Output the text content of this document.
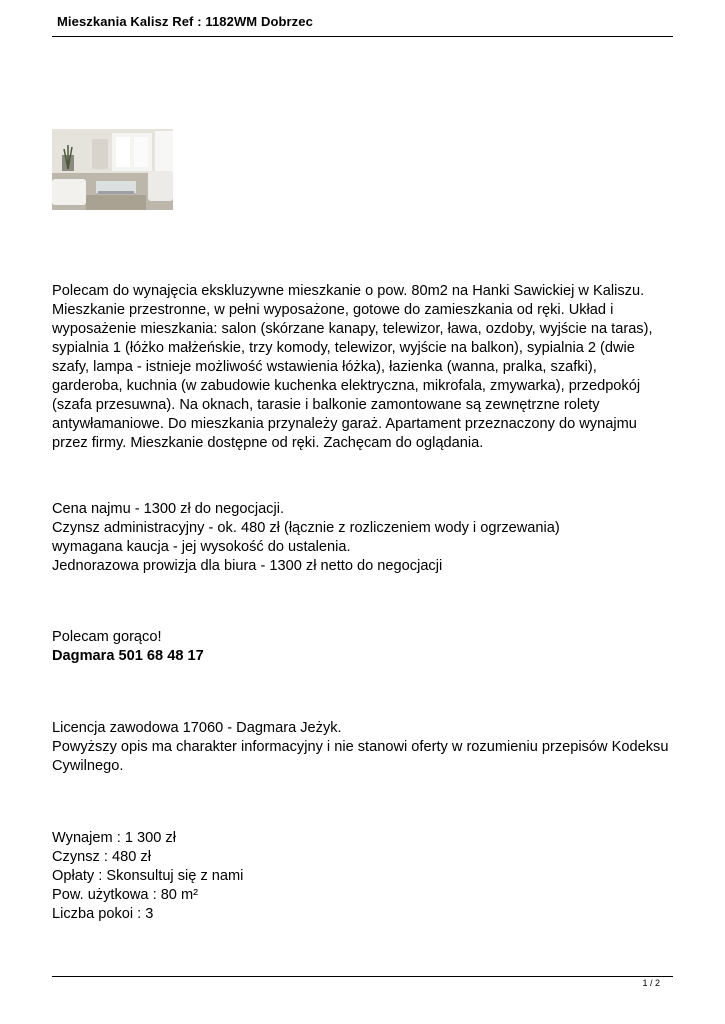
Mieszkania Kalisz Ref : 1182WM Dobrzec
Polecam do wynajęcia ekskluzywne mieszkanie o pow. 80m2 na Hanki Sawickiej w Kaliszu.
Mieszkanie przestronne, w pełni wyposażone, gotowe do zamieszkania od ręki. Układ i
wyposażenie mieszkania: salon (skórzane kanapy, telewizor, ława, ozdoby, wyjście na taras),
sypialnia 1 (łóżko małżeńskie, trzy komody, telewizor, wyjście na balkon), sypialnia 2 (dwie
szafy, lampa - istnieje możliwość wstawienia łóżka), łazienka (wanna, pralka, szafki),
garderoba, kuchnia (w zabudowie kuchenka elektryczna, mikrofala, zmywarka), przedpokój
(szafa przesuwna). Na oknach, tarasie i balkonie zamontowane są zewnętrzne rolety
antywłamaniowe. Do mieszkania przynależy garaż. Apartament przeznaczony do wynajmu
przez firmy. Mieszkanie dostępne od ręki. Zachęcam do oglądania.
Cena najmu - 1300 zł do negocjacji.
Czynsz administracyjny - ok. 480 zł (łącznie z rozliczeniem wody i ogrzewania)
wymagana kaucja - jej wysokość do ustalenia.
Jednorazowa prowizja dla biura - 1300 zł netto do negocjacji
Polecam gorąco!
Dagmara 501 68 48 17
Licencja zawodowa 17060 - Dagmara Jeżyk.
Powyższy opis ma charakter informacyjny i nie stanowi oferty w rozumieniu przepisów Kodeksu
Cywilnego.
Wynajem : 1 300 zł
Czynsz : 480 zł
Opłaty : Skonsultuj się z nami
Pow. użytkowa : 80 m²
Liczba pokoi : 3
1 / 2
